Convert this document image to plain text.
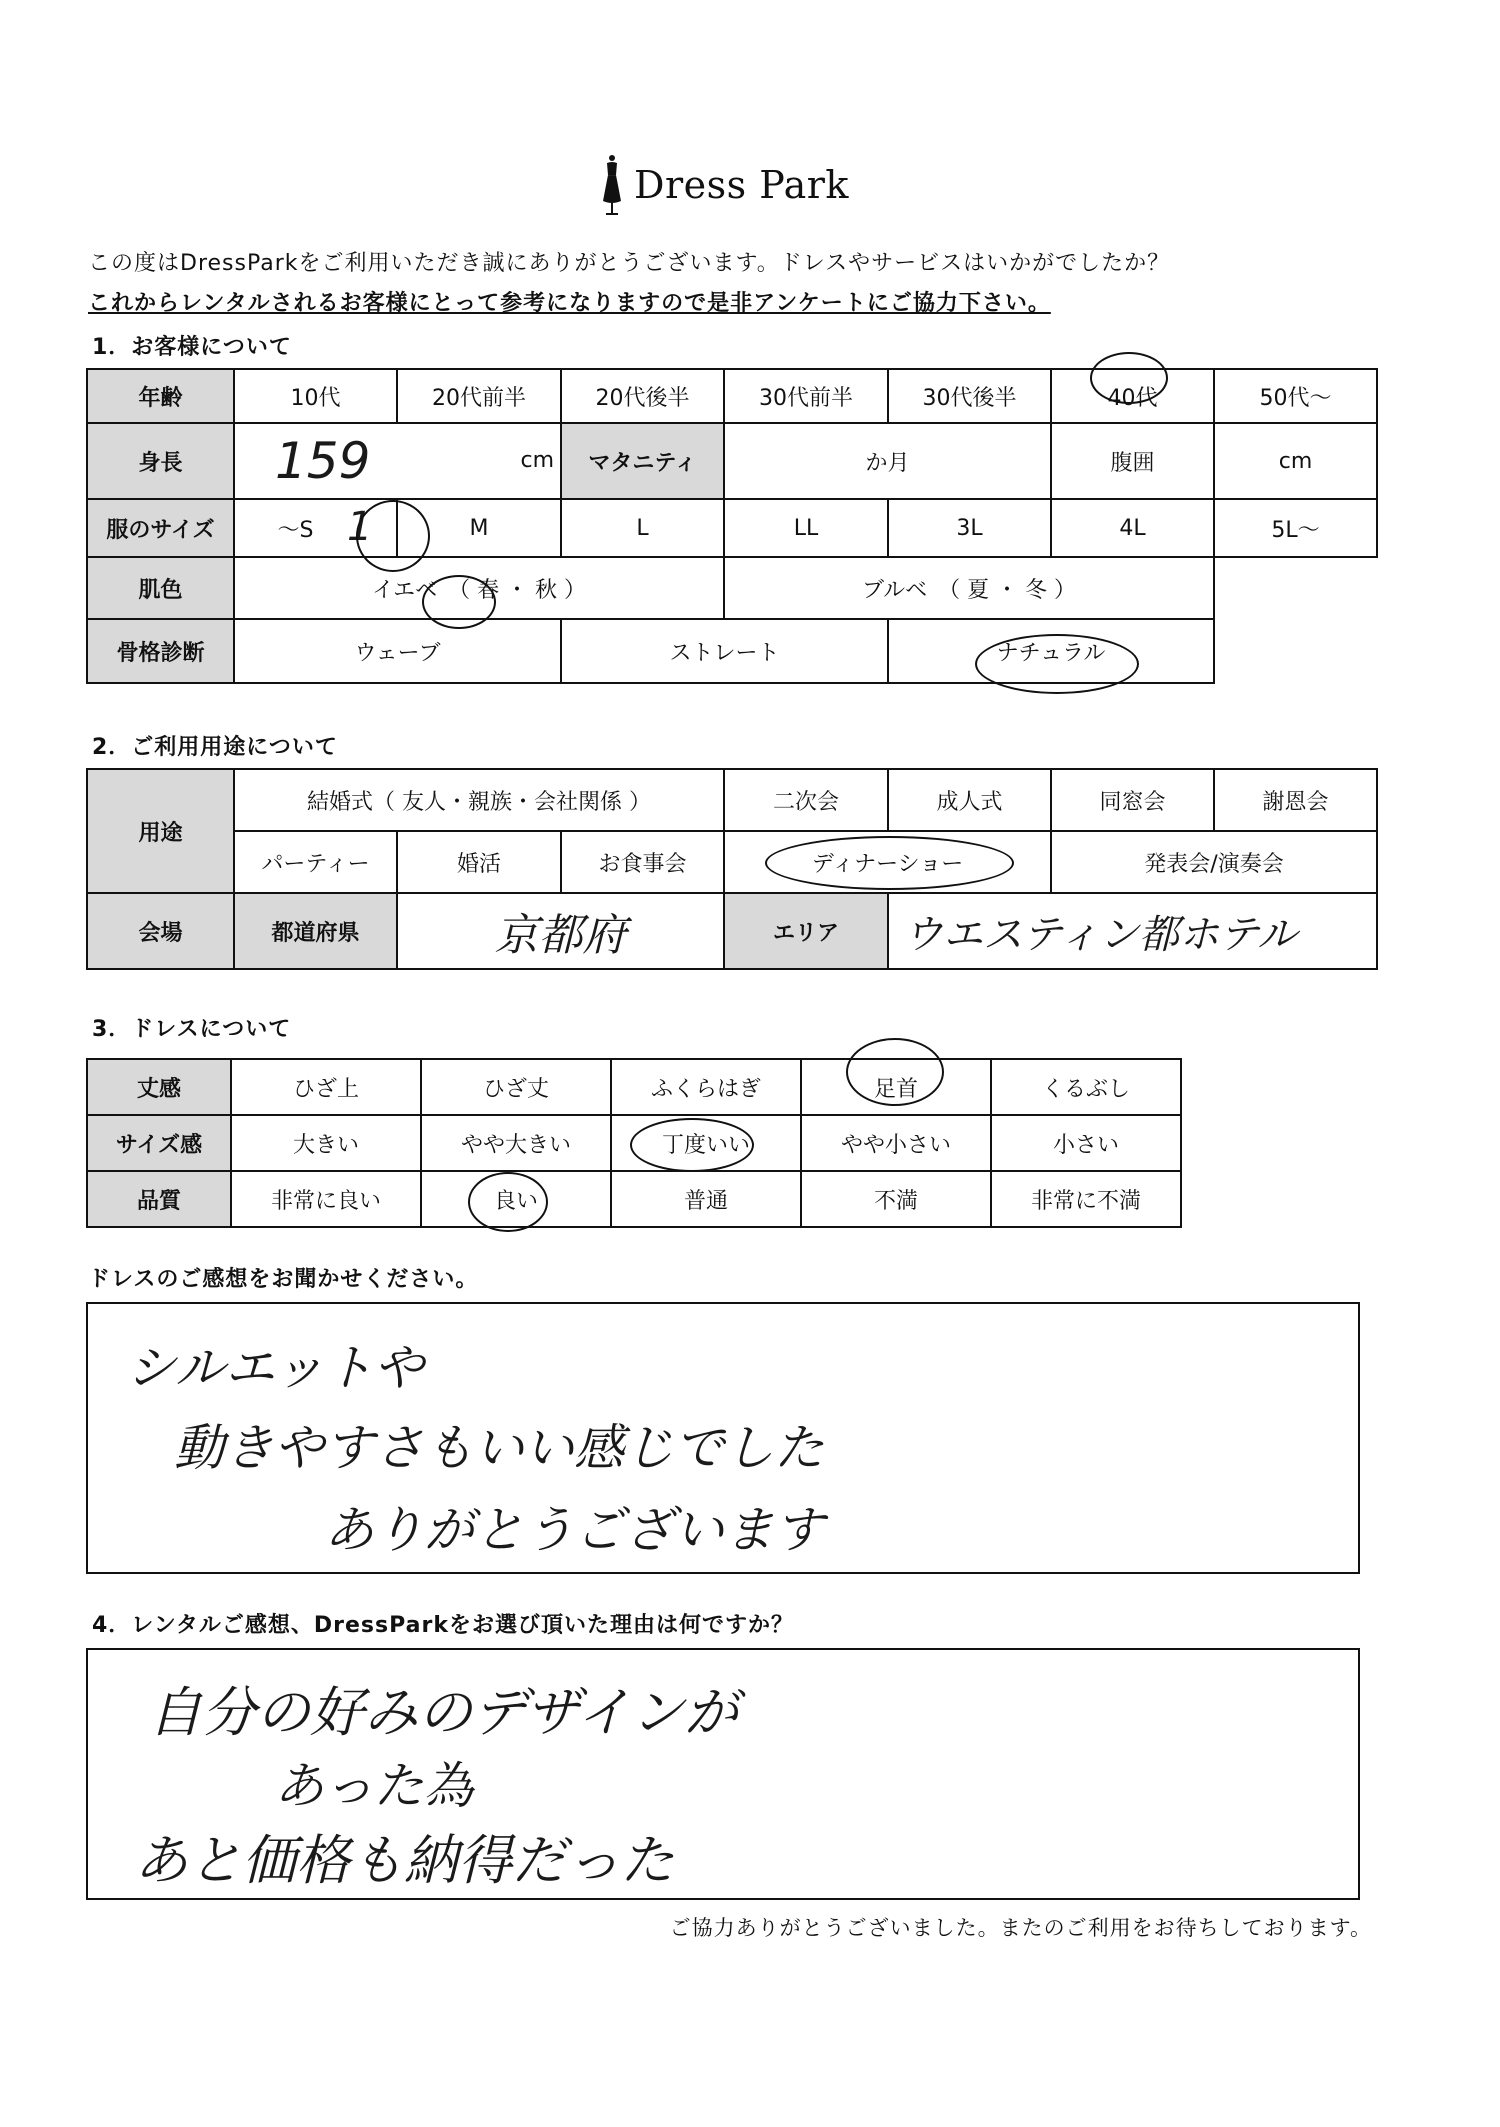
Dress Park
この度はDressParkをご利用いただき誠にありがとうございます。ドレスやサービスはいかがでしたか？
これからレンタルされるお客様にとって参考になりますので是非アンケートにご協力下さい。
1．お客様について
年齢	10代	20代前半	20代後半	30代前半	30代後半	40代	50代〜
身長	159 cm		マタニティ	か月		腹囲	cm
服のサイズ	〜S 1	M	L	LL	3L	4L	5L〜
肌色	イエベ　（ 春 ・ 秋 ）			ブルベ　（ 夏 ・ 冬 ）			
骨格診断	ウェーブ		ストレート		ナチュラル		
2．ご利用用途について
用途	結婚式（ 友人・親族・会社関係 ）			二次会	成人式	同窓会	謝恩会
	パーティー	婚活	お食事会	ディナーショー		発表会/演奏会	
会場	都道府県	京都府		エリア	ウエスティン都ホテル		
3．ドレスについて
丈感	ひざ上	ひざ丈	ふくらはぎ	足首	くるぶし
サイズ感	大きい	やや大きい	丁度いい	やや小さい	小さい
品質	非常に良い	良い	普通	不満	非常に不満
ドレスのご感想をお聞かせください。
シルエットや
動きやすさもいい感じでした
ありがとうございます
4．レンタルご感想、DressParkをお選び頂いた理由は何ですか？
自分の好みのデザインが
あった為
あと価格も納得だった
ご協力ありがとうございました。またのご利用をお待ちしております。
